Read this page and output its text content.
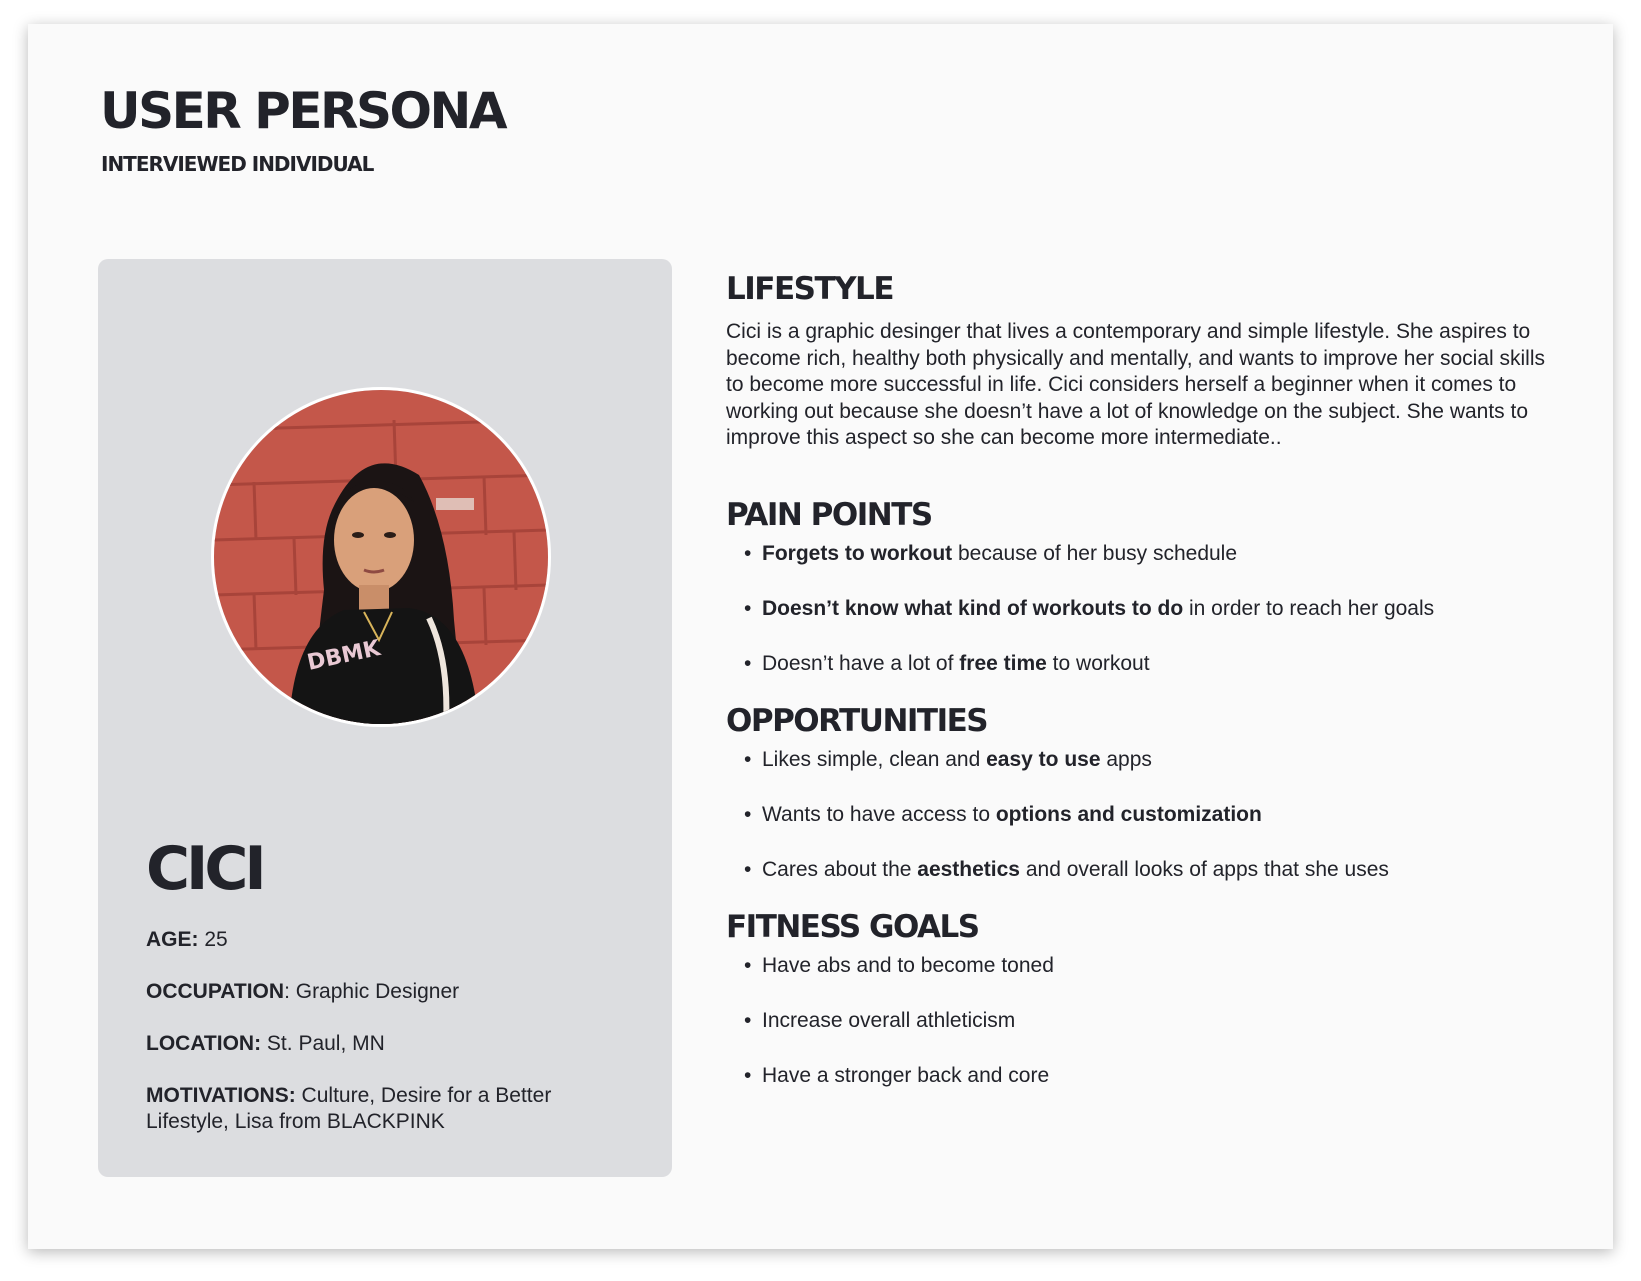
USER PERSONA

INTERVIEWED INDIVIDUAL

DBMK
CICI

AGE: 25

OCCUPATION: Graphic Designer

LOCATION: St. Paul, MN

MOTIVATIONS: Culture, Desire for a Better Lifestyle, Lisa from BLACKPINK

LIFESTYLE

Cici is a graphic desinger that lives a contemporary and simple lifestyle. She aspires to become rich, healthy both physically and mentally, and wants to improve her social skills to become more successful in life. Cici considers herself a beginner when it comes to working out because she doesn’t have a lot of knowledge on the subject. She wants to improve this aspect so she can become more intermediate..

PAIN POINTS
• Forgets to workout because of her busy schedule
• Doesn’t know what kind of workouts to do in order to reach her goals
• Doesn’t have a lot of free time to workout
OPPORTUNITIES
• Likes simple, clean and easy to use apps
• Wants to have access to options and customization
• Cares about the aesthetics and overall looks of apps that she uses
FITNESS GOALS
• Have abs and to become toned
• Increase overall athleticism
• Have a stronger back and core
